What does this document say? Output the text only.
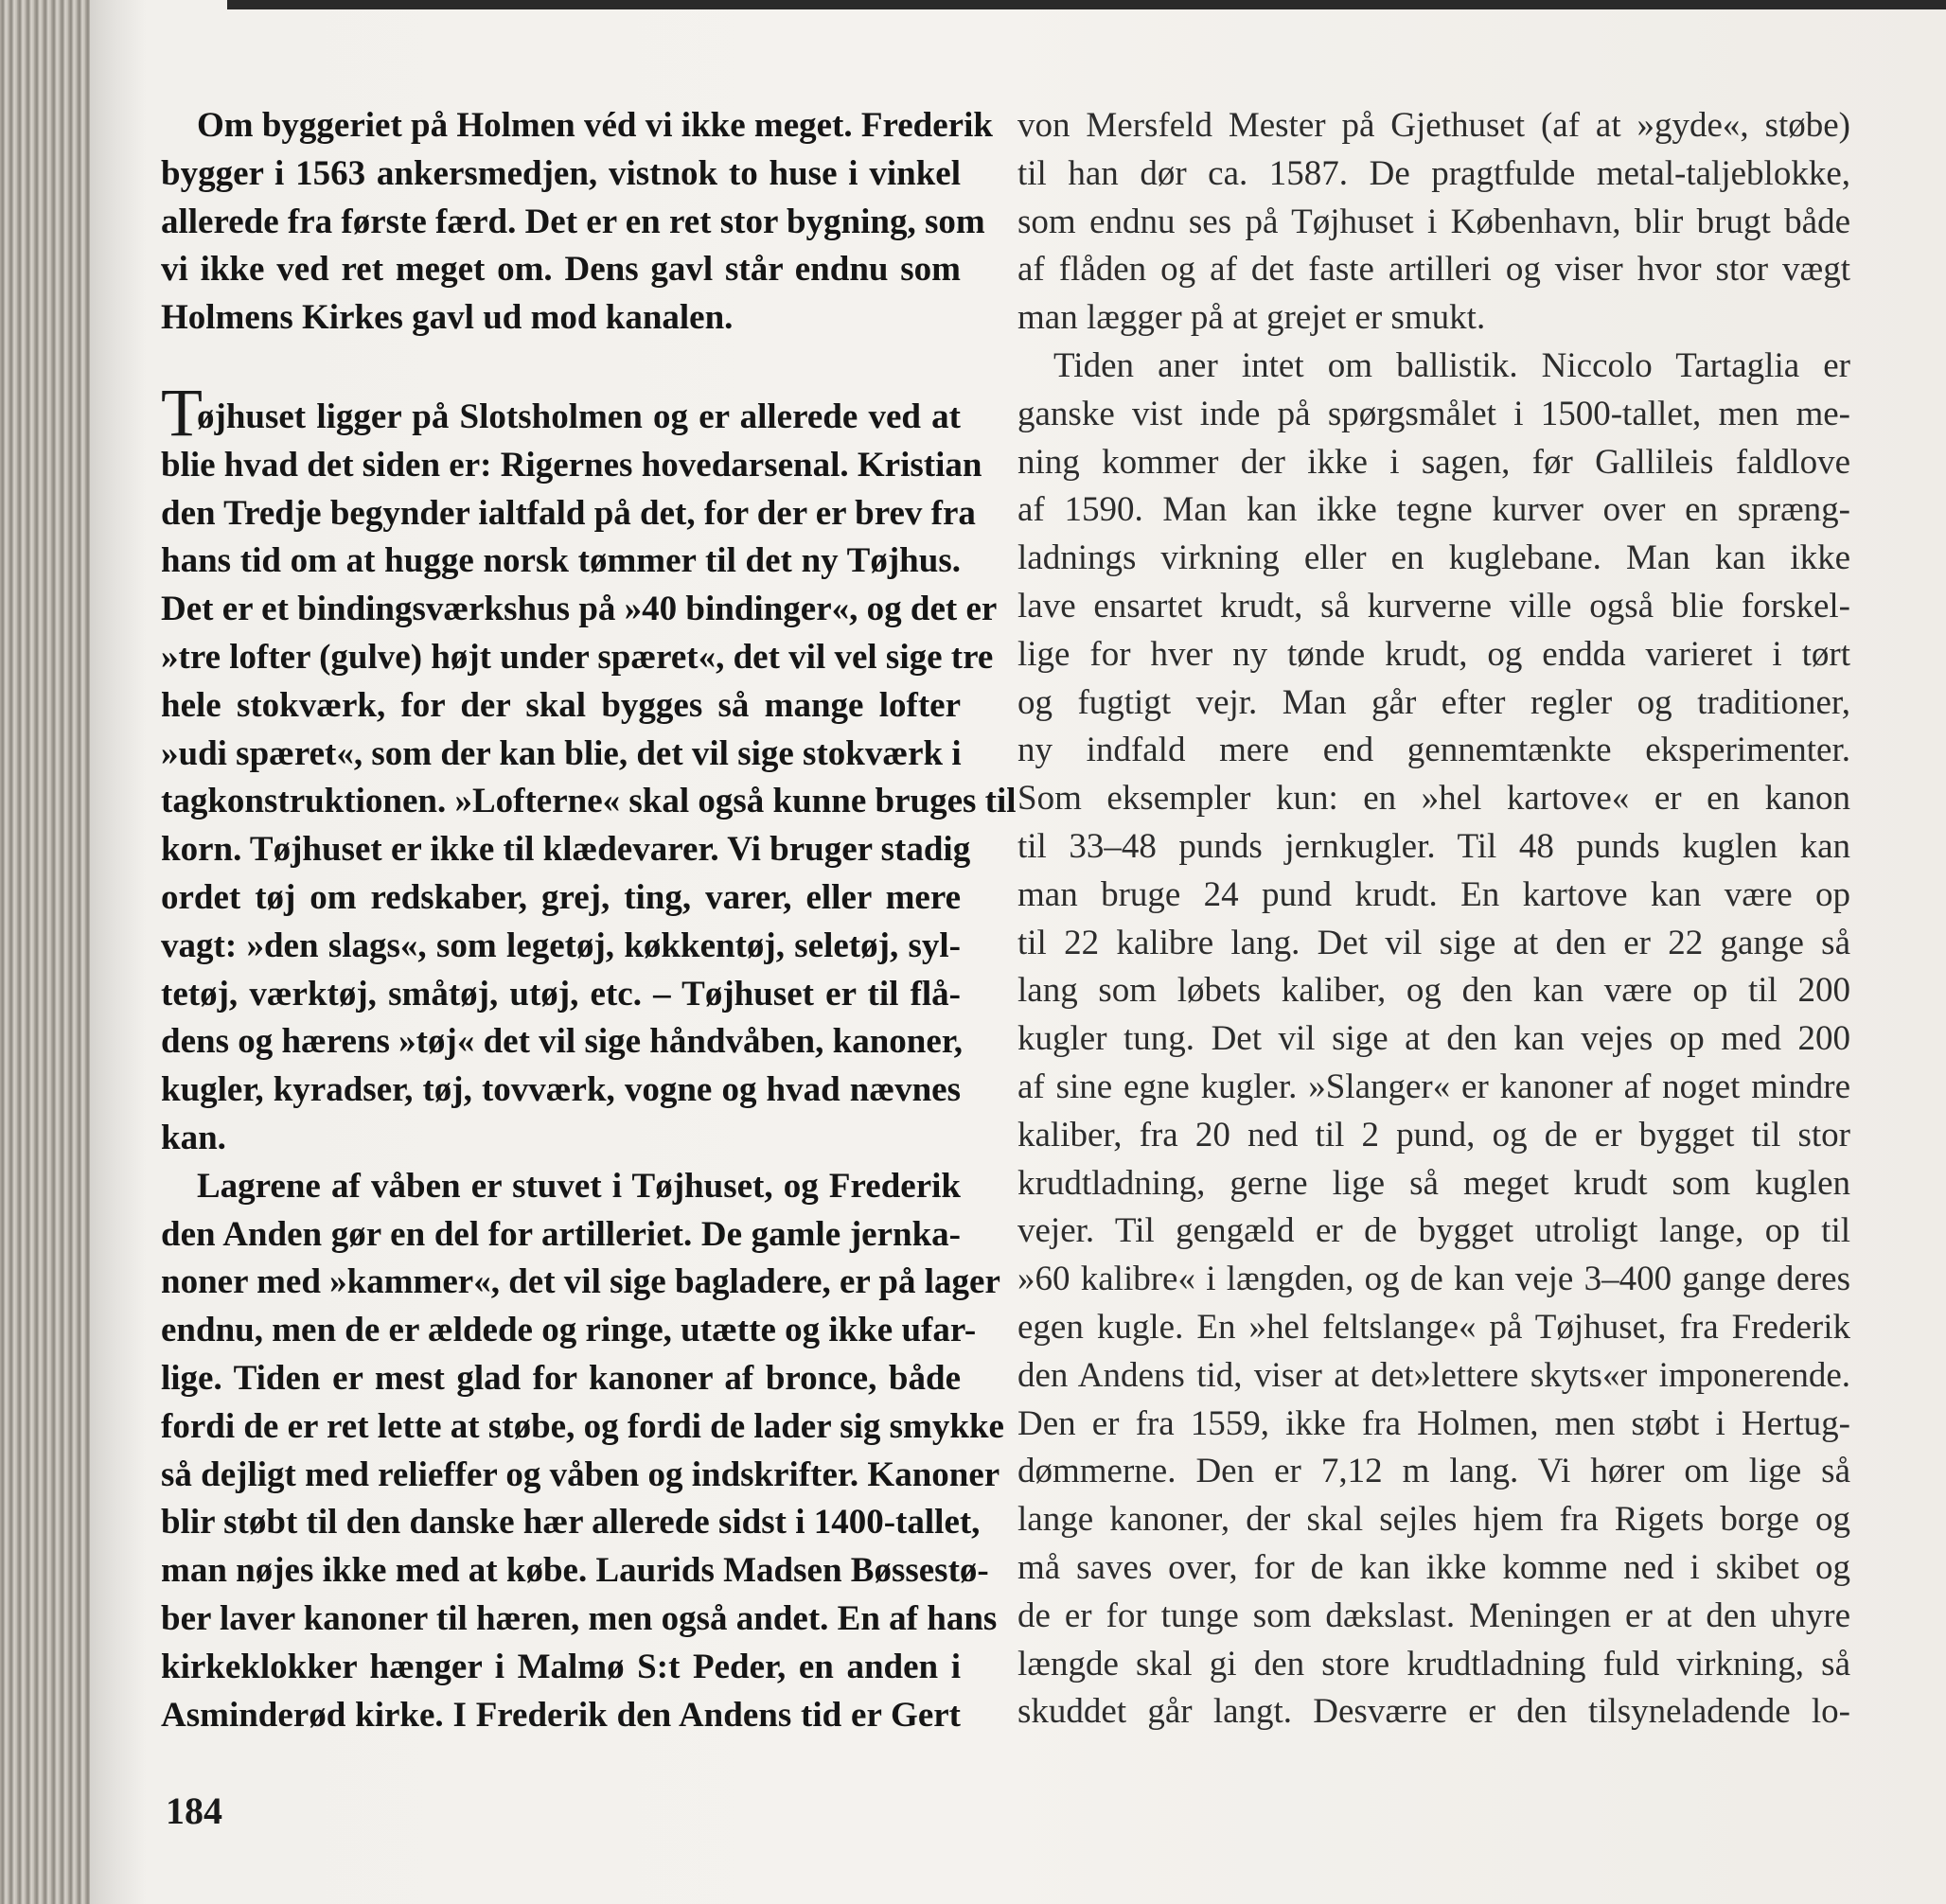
Om byggeriet på Holmen véd vi ikke meget. Frederik
bygger i 1563 ankersmedjen, vistnok to huse i vinkel
allerede fra første færd. Det er en ret stor bygning, som
vi ikke ved ret meget om. Dens gavl står endnu som
Holmens Kirkes gavl ud mod kanalen.
T
øjhuset ligger på Slotsholmen og er allerede ved at
blie hvad det siden er: Rigernes hovedarsenal. Kristian
den Tredje begynder ialtfald på det, for der er brev fra
hans tid om at hugge norsk tømmer til det ny Tøjhus.
Det er et bindingsværkshus på »40 bindinger«, og det er
»tre lofter (gulve) højt under spæret«, det vil vel sige tre
hele stokværk, for der skal bygges så mange lofter
»udi spæret«, som der kan blie, det vil sige stokværk i
tagkonstruktionen. »Lofterne« skal også kunne bruges til
korn. Tøjhuset er ikke til klædevarer. Vi bruger stadig
ordet tøj om redskaber, grej, ting, varer, eller mere
vagt: »den slags«, som legetøj, køkkentøj, seletøj, syl-
tetøj, værktøj, småtøj, utøj, etc. – Tøjhuset er til flå-
dens og hærens »tøj« det vil sige håndvåben, kanoner,
kugler, kyradser, tøj, tovværk, vogne og hvad nævnes
kan.
Lagrene af våben er stuvet i Tøjhuset, og Frederik
den Anden gør en del for artilleriet. De gamle jernka-
noner med »kammer«, det vil sige bagladere, er på lager
endnu, men de er ældede og ringe, utætte og ikke ufar-
lige. Tiden er mest glad for kanoner af bronce, både
fordi de er ret lette at støbe, og fordi de lader sig smykke
så dejligt med relieffer og våben og indskrifter. Kanoner
blir støbt til den danske hær allerede sidst i 1400-tallet,
man nøjes ikke med at købe. Laurids Madsen Bøssestø-
ber laver kanoner til hæren, men også andet. En af hans
kirkeklokker hænger i Malmø S:t Peder, en anden i
Asminderød kirke. I Frederik den Andens tid er Gert
von Mersfeld Mester på Gjethuset (af at »gyde«, støbe)
til han dør ca. 1587. De pragtfulde metal-taljeblokke,
som endnu ses på Tøjhuset i København, blir brugt både
af flåden og af det faste artilleri og viser hvor stor vægt
man lægger på at grejet er smukt.
Tiden aner intet om ballistik. Niccolo Tartaglia er
ganske vist inde på spørgsmålet i 1500-tallet, men me-
ning kommer der ikke i sagen, før Gallileis faldlove
af 1590. Man kan ikke tegne kurver over en spræng-
ladnings virkning eller en kuglebane. Man kan ikke
lave ensartet krudt, så kurverne ville også blie forskel-
lige for hver ny tønde krudt, og endda varieret i tørt
og fugtigt vejr. Man går efter regler og traditioner,
ny indfald mere end gennemtænkte eksperimenter.
Som eksempler kun: en »hel kartove« er en kanon
til 33–48 punds jernkugler. Til 48 punds kuglen kan
man bruge 24 pund krudt. En kartove kan være op
til 22 kalibre lang. Det vil sige at den er 22 gange så
lang som løbets kaliber, og den kan være op til 200
kugler tung. Det vil sige at den kan vejes op med 200
af sine egne kugler. »Slanger« er kanoner af noget mindre
kaliber, fra 20 ned til 2 pund, og de er bygget til stor
krudtladning, gerne lige så meget krudt som kuglen
vejer. Til gengæld er de bygget utroligt lange, op til
»60 kalibre« i længden, og de kan veje 3–400 gange deres
egen kugle. En »hel feltslange« på Tøjhuset, fra Frederik
den Andens tid, viser at det»lettere skyts«er imponerende.
Den er fra 1559, ikke fra Holmen, men støbt i Hertug-
dømmerne. Den er 7,12 m lang. Vi hører om lige så
lange kanoner, der skal sejles hjem fra Rigets borge og
må saves over, for de kan ikke komme ned i skibet og
de er for tunge som dækslast. Meningen er at den uhyre
længde skal gi den store krudtladning fuld virkning, så
skuddet går langt. Desværre er den tilsyneladende lo-
184
